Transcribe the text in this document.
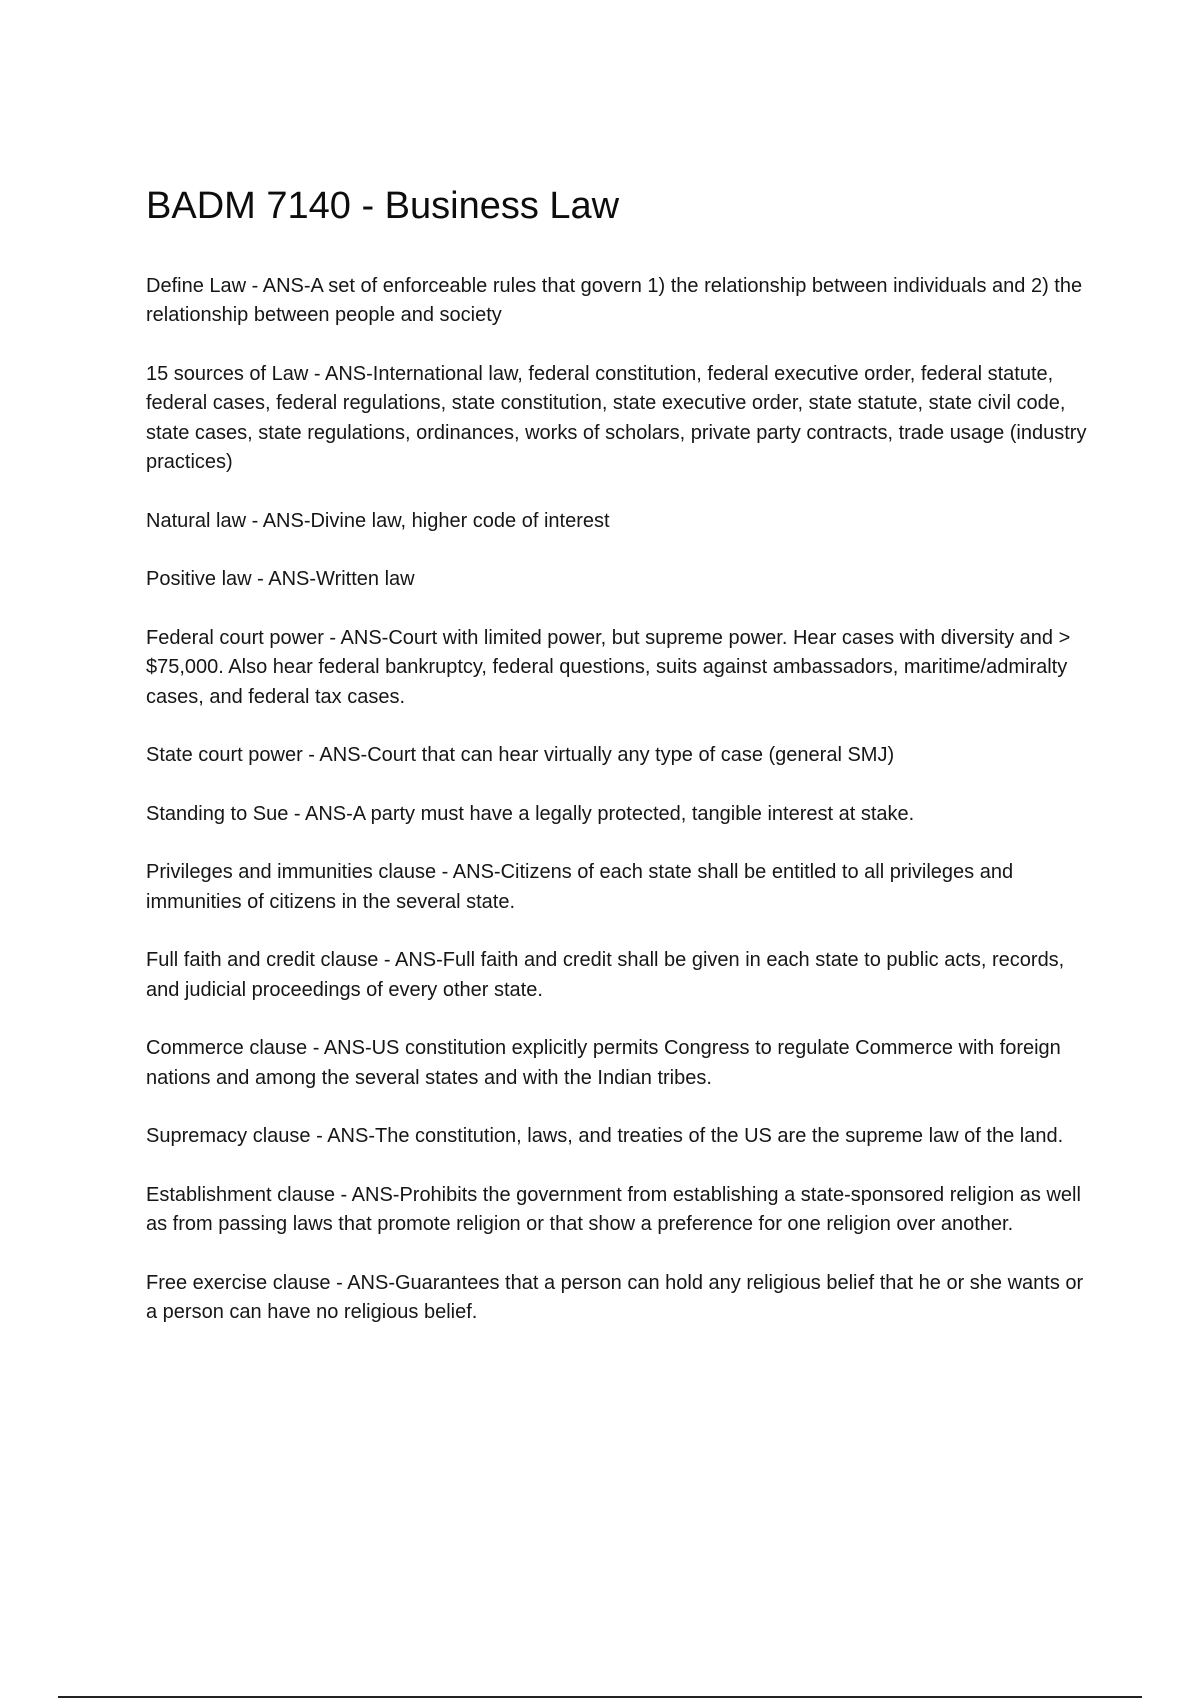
BADM 7140 - Business Law

Define Law - ANS-A set of enforceable rules that govern 1) the relationship between individuals and 2) the relationship between people and society

15 sources of Law - ANS-International law, federal constitution, federal executive order, federal statute, federal cases, federal regulations, state constitution, state executive order, state statute, state civil code, state cases, state regulations, ordinances, works of scholars, private party contracts, trade usage (industry practices)

Natural law - ANS-Divine law, higher code of interest

Positive law - ANS-Written law

Federal court power - ANS-Court with limited power, but supreme power. Hear cases with diversity and > $75,000. Also hear federal bankruptcy, federal questions, suits against ambassadors, maritime/admiralty cases, and federal tax cases.

State court power - ANS-Court that can hear virtually any type of case (general SMJ)

Standing to Sue - ANS-A party must have a legally protected, tangible interest at stake.

Privileges and immunities clause - ANS-Citizens of each state shall be entitled to all privileges and immunities of citizens in the several state.

Full faith and credit clause - ANS-Full faith and credit shall be given in each state to public acts, records, and judicial proceedings of every other state.

Commerce clause - ANS-US constitution explicitly permits Congress to regulate Commerce with foreign nations and among the several states and with the Indian tribes.

Supremacy clause - ANS-The constitution, laws, and treaties of the US are the supreme law of the land.

Establishment clause - ANS-Prohibits the government from establishing a state-sponsored religion as well as from passing laws that promote religion or that show a preference for one religion over another.

Free exercise clause - ANS-Guarantees that a person can hold any religious belief that he or she wants or a person can have no religious belief.
